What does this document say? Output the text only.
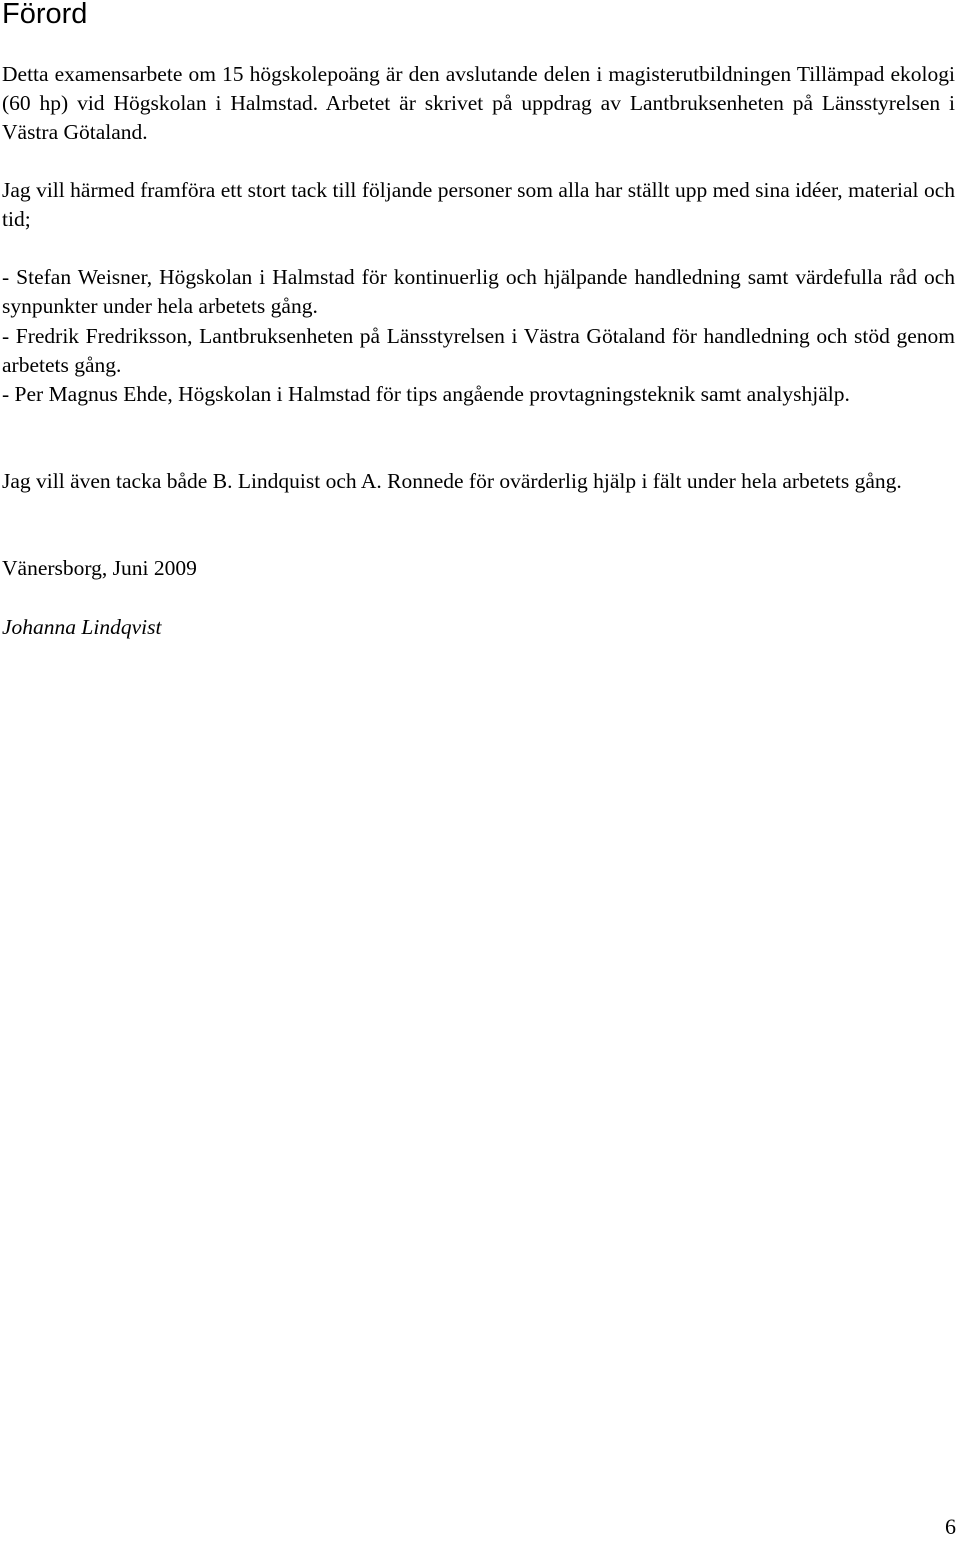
Förord

Detta examensarbete om 15 högskolepoäng är den avslutande delen i magisterutbildningen Tillämpad ekologi (60 hp) vid Högskolan i Halmstad. Arbetet är skrivet på uppdrag av Lantbruksenheten på Länsstyrelsen i Västra Götaland.

Jag vill härmed framföra ett stort tack till följande personer som alla har ställt upp med sina idéer, material och tid;

- Stefan Weisner, Högskolan i Halmstad för kontinuerlig och hjälpande handledning samt värdefulla råd och synpunkter under hela arbetets gång.

- Fredrik Fredriksson, Lantbruksenheten på Länsstyrelsen i Västra Götaland för handledning och stöd genom arbetets gång.

- Per Magnus Ehde, Högskolan i Halmstad för tips angående provtagningsteknik samt analyshjälp.

Jag vill även tacka både B. Lindquist och A. Ronnede för ovärderlig hjälp i fält under hela arbetets gång.

Vänersborg, Juni 2009

Johanna Lindqvist

6
